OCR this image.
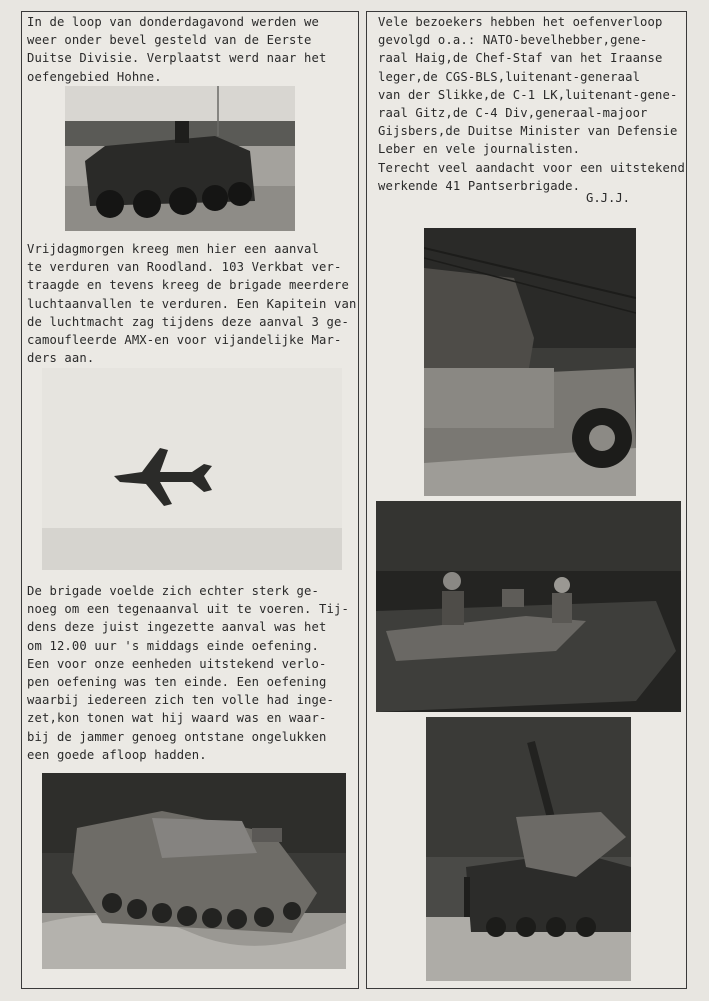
In de loop van donderdagavond werden we
weer onder bevel gesteld van de Eerste
Duitse Divisie. Verplaatst werd naar het
oefengebied Hohne.
Vrijdagmorgen kreeg men hier een aanval
te verduren van Roodland. 103 Verkbat ver-
traagde en tevens kreeg de brigade meerdere
luchtaanvallen te verduren. Een Kapitein van
de luchtmacht zag tijdens deze aanval 3 ge-
camoufleerde AMX-en voor vijandelijke Mar-
ders aan.
De brigade voelde zich echter sterk ge-
noeg om een tegenaanval uit te voeren. Tij-
dens deze juist ingezette aanval was het
om 12.00 uur 's middags einde oefening.
Een voor onze eenheden uitstekend verlo-
pen oefening was ten einde. Een oefening
waarbij iedereen zich ten volle had inge-
zet,kon tonen wat hij waard was en waar-
bij de jammer genoeg ontstane ongelukken
een goede afloop hadden.
Vele bezoekers hebben het oefenverloop
gevolgd o.a.: NATO-bevelhebber,gene-
raal Haig,de Chef-Staf van het Iraanse
leger,de CGS-BLS,luitenant-generaal
van der Slikke,de C-1 LK,luitenant-gene-
raal Gitz,de C-4 Div,generaal-majoor
Gijsbers,de Duitse Minister van Defensie
Leber en vele journalisten.
Terecht veel aandacht voor een uitstekend
werkende 41 Pantserbrigade.
G.J.J.
